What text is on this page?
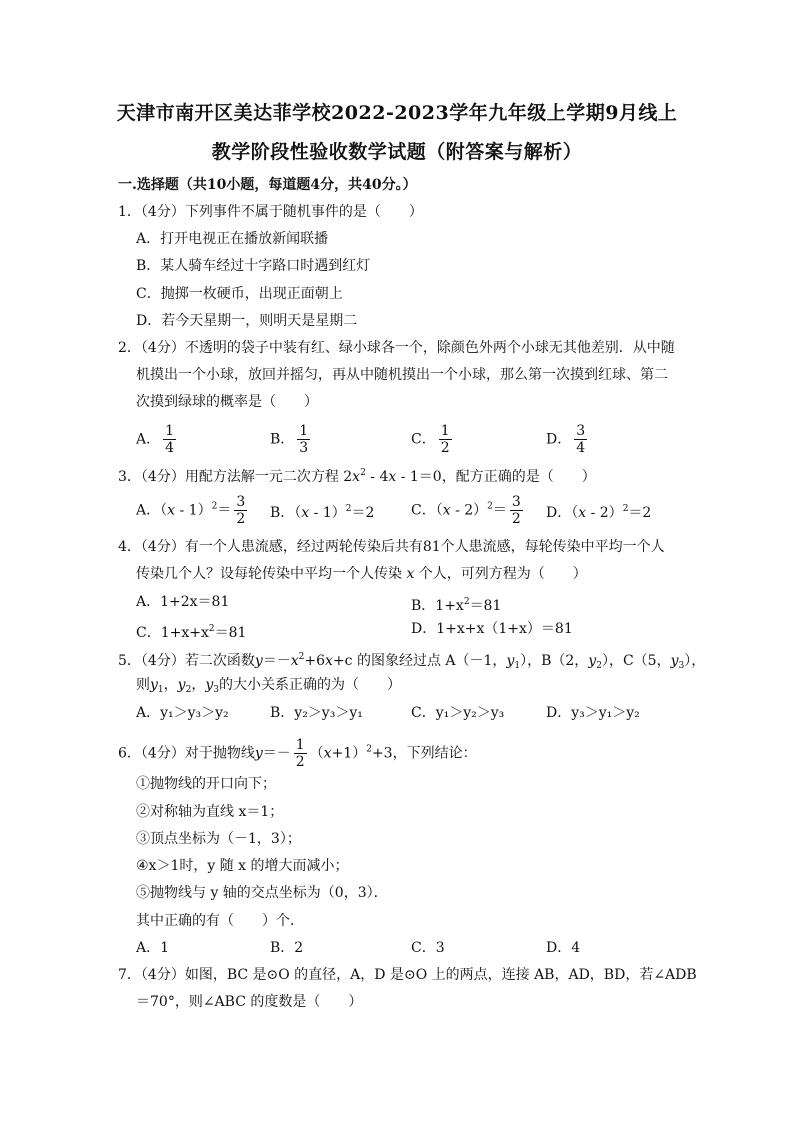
天津市南开区美达菲学校2022-2023学年九年级上学期9月线上
教学阶段性验收数学试题（附答案与解析）
一.选择题（共10小题，每道题4分，共40分。）
1．（4分）下列事件不属于随机事件的是（　　）
A．打开电视正在播放新闻联播
B．某人骑车经过十字路口时遇到红灯
C．抛掷一枚硬币，出现正面朝上
D．若今天星期一，则明天是星期二
2．（4分）不透明的袋子中装有红、绿小球各一个，除颜色外两个小球无其他差别．从中随
机摸出一个小球，放回并摇匀，再从中随机摸出一个小球，那么第一次摸到红球、第二
次摸到绿球的概率是（　　）
A． $\frac{1}{4}$	B． $\frac{1}{3}$	C． $\frac{1}{2}$	D． $\frac{3}{4}$
3．（4分）用配方法解一元二次方程 $2x^2 - 4x - 1=0$，配方正确的是（　　）
A．$(x - 1)^2= \frac{3}{2}$ B．（x - 1）$^2$＝2	C．$(x - 2)^2= \frac{3}{2}$ D．（x - 2）$^2$＝2
4．（4分）有一个人患流感，经过两轮传染后共有81个人患流感，每轮传染中平均一个人
传染几个人？设每轮传染中平均一个人传染 x 个人，可列方程为（　　）
A．1+2x＝81	B．$1+x^2=81$
C．$1+x+x^2=81$	D．1+x+x（1+x）＝81
5．（4分）若二次函数$y=-x^2+6x+c$ 的图象经过点 A（－1，$y_1$），B（2，$y_2$），C（5，$y_3$），
则$y_1$，$y_2$，$y_3$的大小关系正确的为（　　）
A．y₁＞y₃＞y₂	B．y₂＞y₃＞y₁	C．y₁＞y₂＞y₃	D．y₃＞y₁＞y₂
6．（4分）对于抛物线$y=- \frac{1}{2} (x+1)^2+3$，下列结论：
①抛物线的开口向下；
②对称轴为直线 x＝1；
③顶点坐标为（－1，3）；
④x＞1时，y 随 x 的增大而减小；
⑤抛物线与 y 轴的交点坐标为（0，3）．
其中正确的有（　　）个．
A．1	B．2	C．3	D．4
7．（4分）如图，BC 是⊙O 的直径，A，D 是⊙O 上的两点，连接 AB，AD，BD，若∠ADB
＝70°，则∠ABC 的度数是（　　）
